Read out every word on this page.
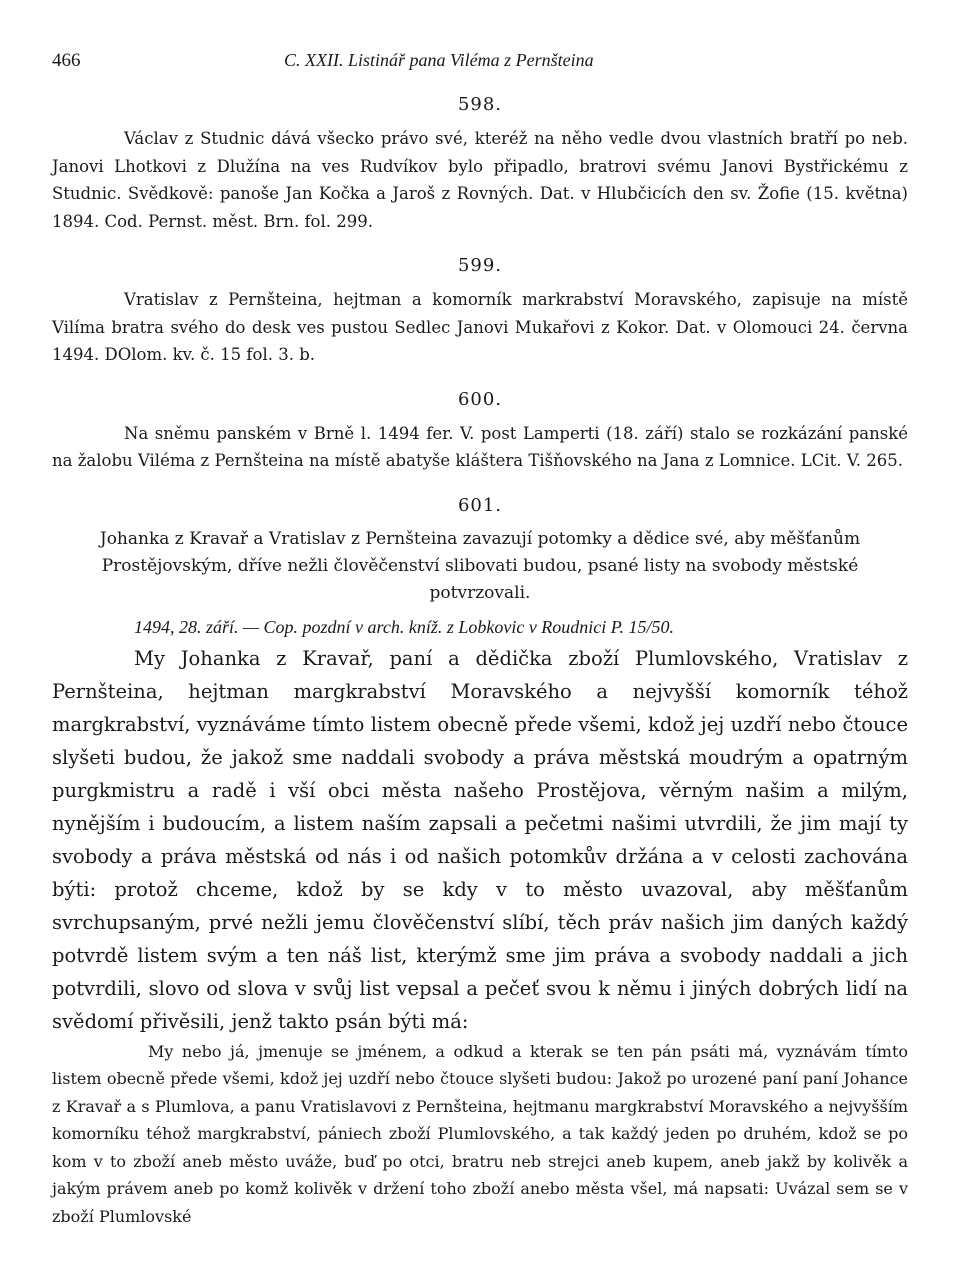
466	C. XXII. Listinář pana Viléma z Pernšteina
598.

Václav z Studnic dává všecko právo své, kteréž na něho vedle dvou vlastních bratří po neb. Janovi Lhotkovi z Dlužína na ves Rudvíkov bylo připadlo, bratrovi svému Janovi Bystřickému z Studnic. Svědkově: panoše Jan Kočka a Jaroš z Rovných. Dat. v Hlubčicích den sv. Žofie (15. května) 1894. Cod. Pernst. měst. Brn. fol. 299.

599.

Vratislav z Pernšteina, hejtman a komorník markrabství Moravského, zapisuje na místě Vilíma bratra svého do desk ves pustou Sedlec Janovi Mukařovi z Kokor. Dat. v Olomouci 24. června 1494. DOlom. kv. č. 15 fol. 3. b.

600.

Na sněmu panském v Brně l. 1494 fer. V. post Lamperti (18. září) stalo se rozkázání panské na žalobu Viléma z Pernšteina na místě abatyše kláštera Tišňovského na Jana z Lomnice. LCit. V. 265.

601.

Johanka z Kravař a Vratislav z Pernšteina zavazují potomky a dědice své, aby měšťanům Prostějovským, dříve nežli člověčenství slibovati budou, psané listy na svobody městské potvrzovali.

1494, 28. září. — Cop. pozdní v arch. kníž. z Lobkovic v Roudnici P. 15/50.

My Johanka z Kravař, paní a dědička zboží Plumlovského, Vratislav z Pernšteina, hejtman margkrabství Moravského a nejvyšší komorník téhož margkrabství, vyznáváme tímto listem obecně přede všemi, kdož jej uzdří nebo čtouce slyšeti budou, že jakož sme naddali svobody a práva městská moudrým a opatrným purgkmistru a radě i vší obci města našeho Prostějova, věrným našim a milým, nynějším i budoucím, a listem naším zapsali a pečetmi našimi utvrdili, že jim mají ty svobody a práva městská od nás i od našich potomkův držána a v celosti zachována býti: protož chceme, kdož by se kdy v to město uvazoval, aby měšťanům svrchupsaným, prvé nežli jemu člověčenství slíbí, těch práv našich jim daných každý potvrdě listem svým a ten náš list, kterýmž sme jim práva a svobody naddali a jich potvrdili, slovo od slova v svůj list vepsal a pečeť svou k němu i jiných dobrých lidí na svědomí přivěsili, jenž takto psán býti má:

My nebo já, jmenuje se jménem, a odkud a kterak se ten pán psáti má, vyznávám tímto listem obecně přede všemi, kdož jej uzdří nebo čtouce slyšeti budou: Jakož po urozené paní paní Johance z Kravař a s Plumlova, a panu Vratislavovi z Pernšteina, hejtmanu margkrabství Moravského a nejvyšším komorníku téhož margkrabství, pániech zboží Plumlovského, a tak každý jeden po druhém, kdož se po kom v to zboží aneb město uváže, buď po otci, bratru neb strejci aneb kupem, aneb jakž by kolivěk a jakým právem aneb po komž kolivěk v držení toho zboží anebo města všel, má napsati: Uvázal sem se v zboží Plumlovské
